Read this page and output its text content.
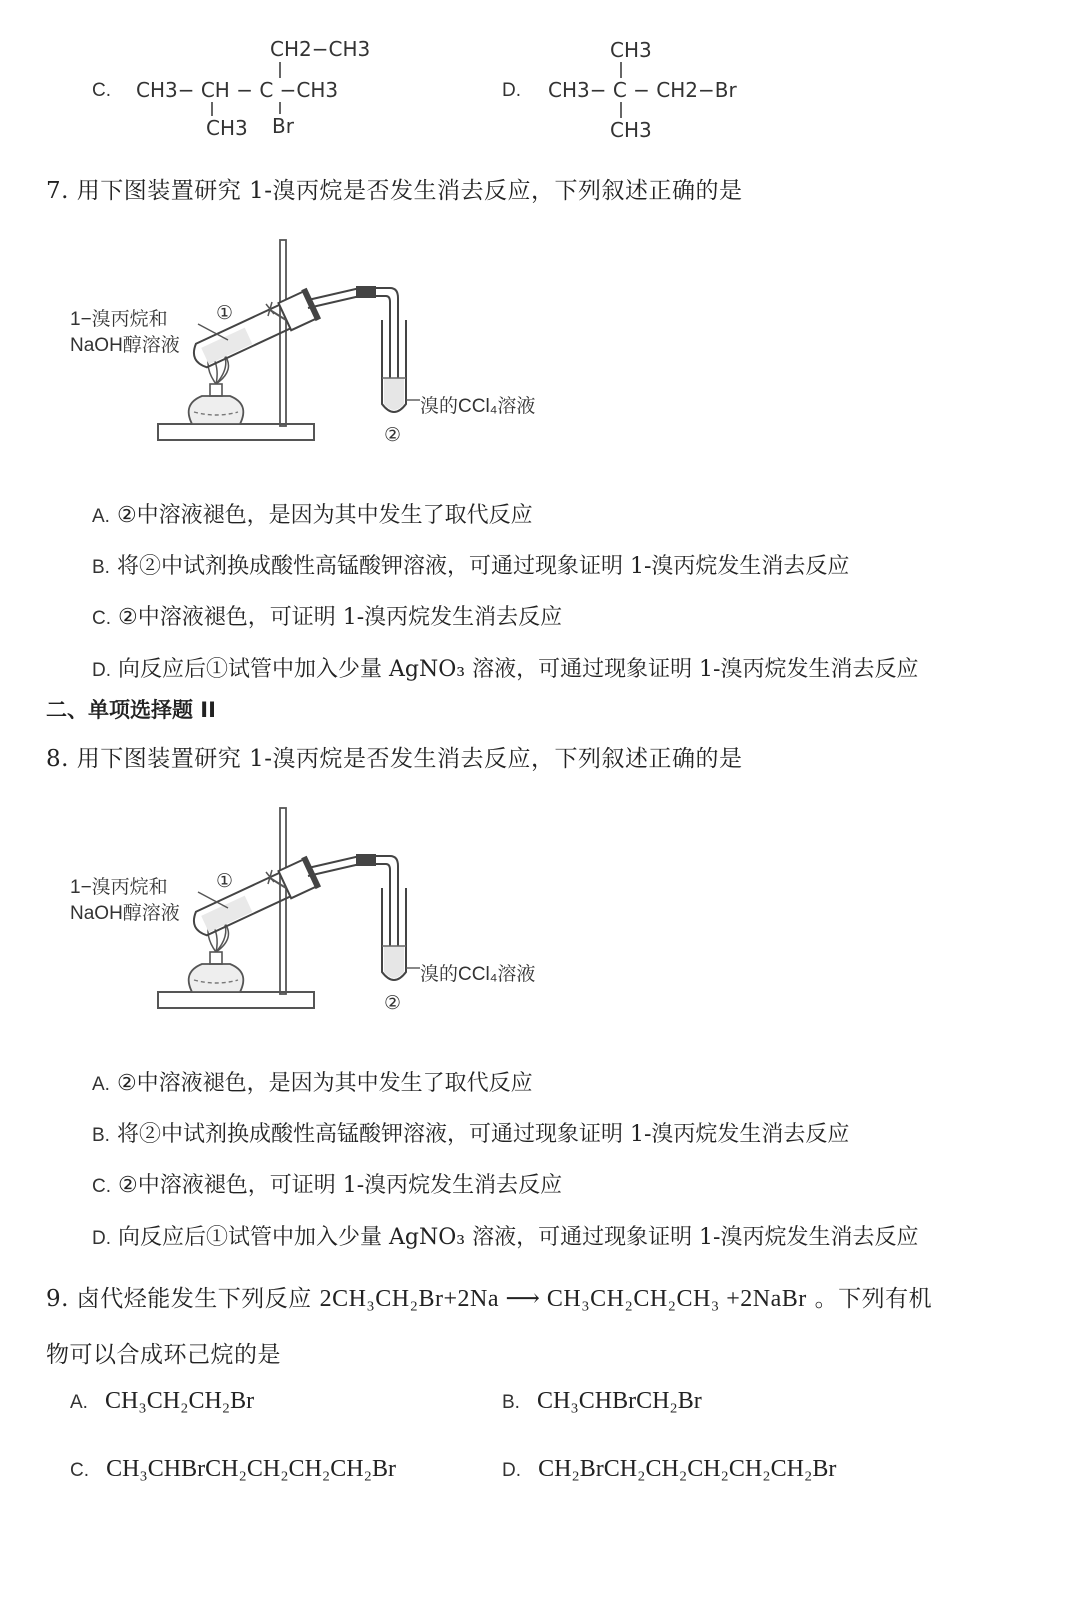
C.
CH2−CH3
CH3− CH − C −CH3
CH3 Br
D.
CH3
CH3− C − CH2−Br
CH3
7. 用下图装置研究 1-溴丙烷是否发生消去反应，下列叙述正确的是
1−溴丙烷和
NaOH醇溶液
①
溴的CCl₄溶液
②
A. ②中溶液褪色，是因为其中发生了取代反应
B. 将②中试剂换成酸性高锰酸钾溶液，可通过现象证明 1-溴丙烷发生消去反应
C. ②中溶液褪色，可证明 1-溴丙烷发生消去反应
D. 向反应后①试管中加入少量 AgNO₃ 溶液，可通过现象证明 1-溴丙烷发生消去反应
二、单项选择题 II
8. 用下图装置研究 1-溴丙烷是否发生消去反应，下列叙述正确的是
1−溴丙烷和
NaOH醇溶液
①
溴的CCl₄溶液
②
A. ②中溶液褪色，是因为其中发生了取代反应
B. 将②中试剂换成酸性高锰酸钾溶液，可通过现象证明 1-溴丙烷发生消去反应
C. ②中溶液褪色，可证明 1-溴丙烷发生消去反应
D. 向反应后①试管中加入少量 AgNO₃ 溶液，可通过现象证明 1-溴丙烷发生消去反应
9. 卤代烃能发生下列反应 2CH₃CH₂Br+2Na ⟶ CH₃CH₂CH₂CH₃ +2NaBr 。下列有机
物可以合成环己烷的是
A. CH₃CH₂CH₂Br	B. CH₃CHBrCH₂Br
C. CH₃CHBrCH₂CH₂CH₂CH₂Br	D. CH₂BrCH₂CH₂CH₂CH₂CH₂Br
